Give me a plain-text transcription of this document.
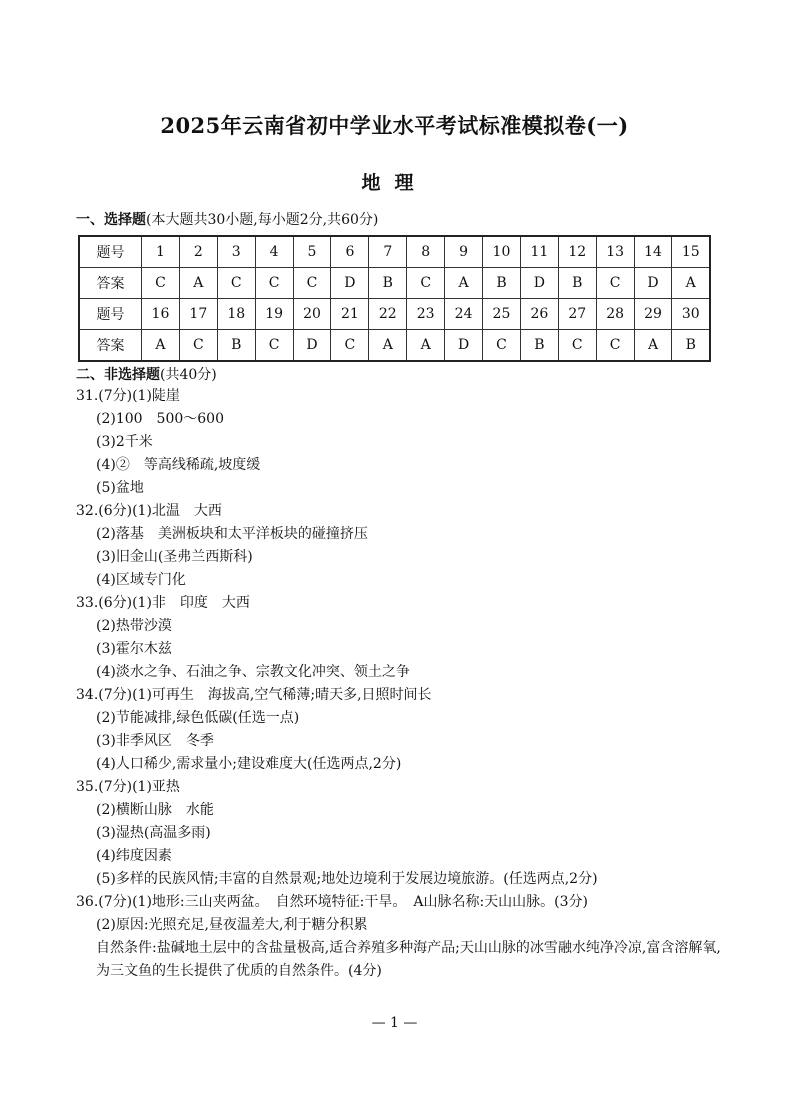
2025年云南省初中学业水平考试标准模拟卷(一)
地理
一、选择题(本大题共30小题,每小题2分,共60分)
题号	1	2	3	4	5	6	7	8	9	10	11	12	13	14	15
答案	C	A	C	C	C	D	B	C	A	B	D	B	C	D	A
题号	16	17	18	19	20	21	22	23	24	25	26	27	28	29	30
答案	A	C	B	C	D	C	A	A	D	C	B	C	C	A	B
二、非选择题(共40分)
31.(7分)(1)陡崖
(2)100　500～600
(3)2千米
(4)②　等高线稀疏,坡度缓
(5)盆地
32.(6分)(1)北温　大西
(2)落基　美洲板块和太平洋板块的碰撞挤压
(3)旧金山(圣弗兰西斯科)
(4)区域专门化
33.(6分)(1)非　印度　大西
(2)热带沙漠
(3)霍尔木兹
(4)淡水之争、石油之争、宗教文化冲突、领土之争
34.(7分)(1)可再生　海拔高,空气稀薄;晴天多,日照时间长
(2)节能减排,绿色低碳(任选一点)
(3)非季风区　冬季
(4)人口稀少,需求量小;建设难度大(任选两点,2分)
35.(7分)(1)亚热
(2)横断山脉　水能
(3)湿热(高温多雨)
(4)纬度因素
(5)多样的民族风情;丰富的自然景观;地处边境利于发展边境旅游。(任选两点,2分)
36.(7分)(1)地形:三山夹两盆。　自然环境特征:干旱。　A山脉名称:天山山脉。(3分)
(2)原因:光照充足,昼夜温差大,利于糖分积累
自然条件:盐碱地土层中的含盐量极高,适合养殖多种海产品;天山山脉的冰雪融水纯净冷凉,富含溶解氧,为三文鱼的生长提供了优质的自然条件。(4分)
— 1 —
